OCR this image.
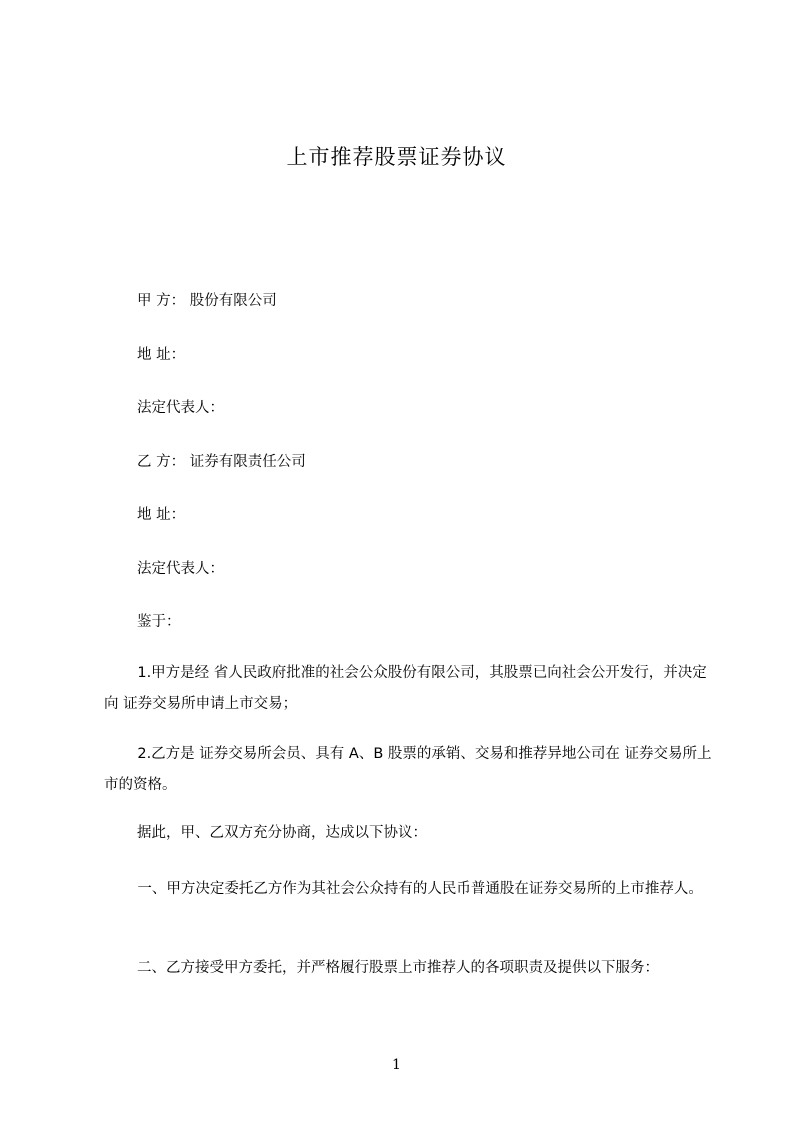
上市推荐股票证券协议
甲 方： 股份有限公司
地 址：
法定代表人：
乙 方： 证券有限责任公司
地 址：
法定代表人：
鉴于：
1.甲方是经 省人民政府批准的社会公众股份有限公司，其股票已向社会公开发行，并决定向 证券交易所申请上市交易；
2.乙方是 证券交易所会员、具有 A、B 股票的承销、交易和推荐异地公司在 证券交易所上市的资格。
据此，甲、乙双方充分协商，达成以下协议：
一、甲方决定委托乙方作为其社会公众持有的人民币普通股在证券交易所的上市推荐人。
二、乙方接受甲方委托，并严格履行股票上市推荐人的各项职责及提供以下服务：
1
